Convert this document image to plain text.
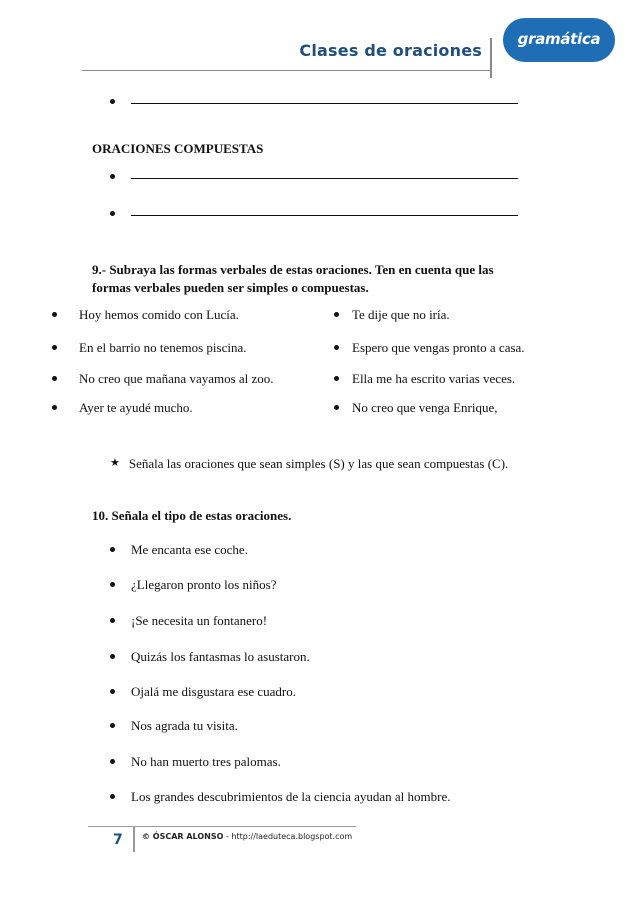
Clases de oraciones
gramática
ORACIONES COMPUESTAS
9.- Subraya las formas verbales de estas oraciones. Ten en cuenta que las
formas verbales pueden ser simples o compuestas.
Hoy hemos comido con Lucía.
En el barrio no tenemos piscina.
No creo que mañana vayamos al zoo.
Ayer te ayudé mucho.
Te dije que no iría.
Espero que vengas pronto a casa.
Ella me ha escrito varias veces.
No creo que venga Enrique,
★ Señala las oraciones que sean simples (S) y las que sean compuestas (C).
10. Señala el tipo de estas oraciones.
Me encanta ese coche.
¿Llegaron pronto los niños?
¡Se necesita un fontanero!
Quizás los fantasmas lo asustaron.
Ojalá me disgustara ese cuadro.
Nos agrada tu visita.
No han muerto tres palomas.
Los grandes descubrimientos de la ciencia ayudan al hombre.
7 © ÓSCAR ALONSO - http://laeduteca.blogspot.com
